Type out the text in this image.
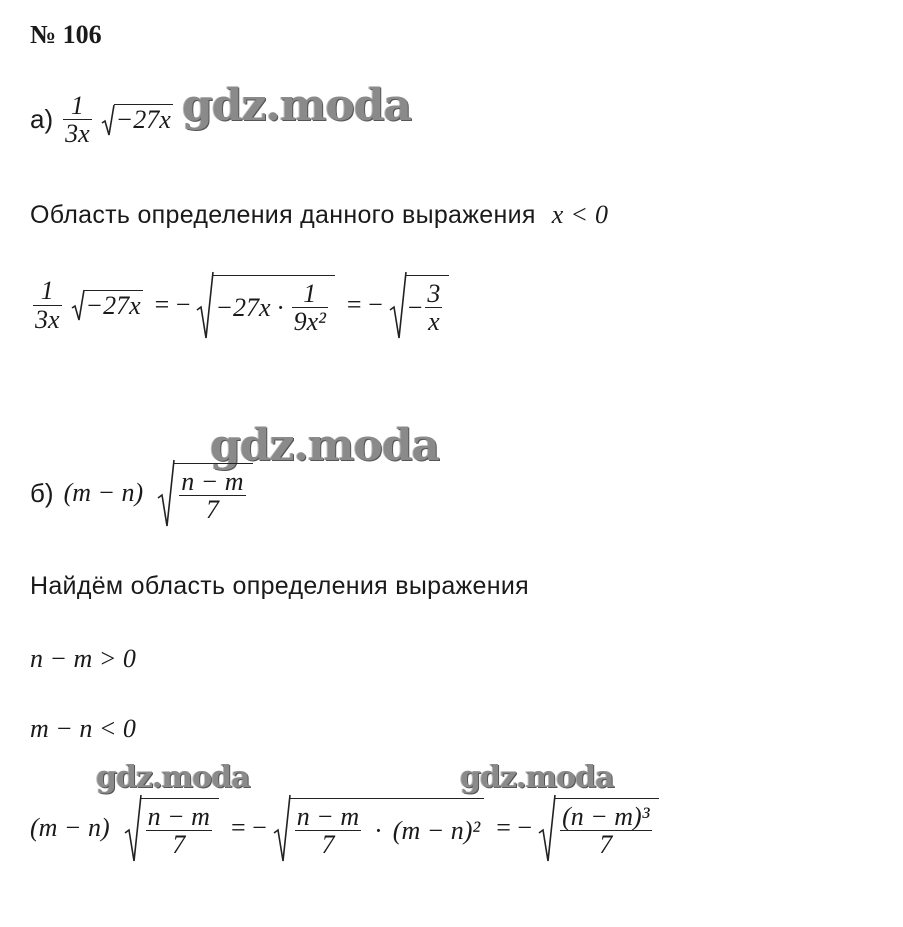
№ 106
$а) \frac{1}{3x} -27x$ gdz.moda
Область определения данного выражения x < 0
$\frac{1}{3x} -27x$ = − $-27x \cdot \frac{1}{\text{9x²}}$ = − − $\frac{3}{x}$
gdz.moda
б) $(m - n) \frac{n - m}{7}$
Найдём область определения выражения
n − m > 0
m − n < 0
gdz.moda	gdz.moda
$(m - n) \frac{n - m}{7}$ = − $\frac{n - m}{7} \cdot (m - n)^2$ = − $\frac{\text{(n − m)³}}{7}$
